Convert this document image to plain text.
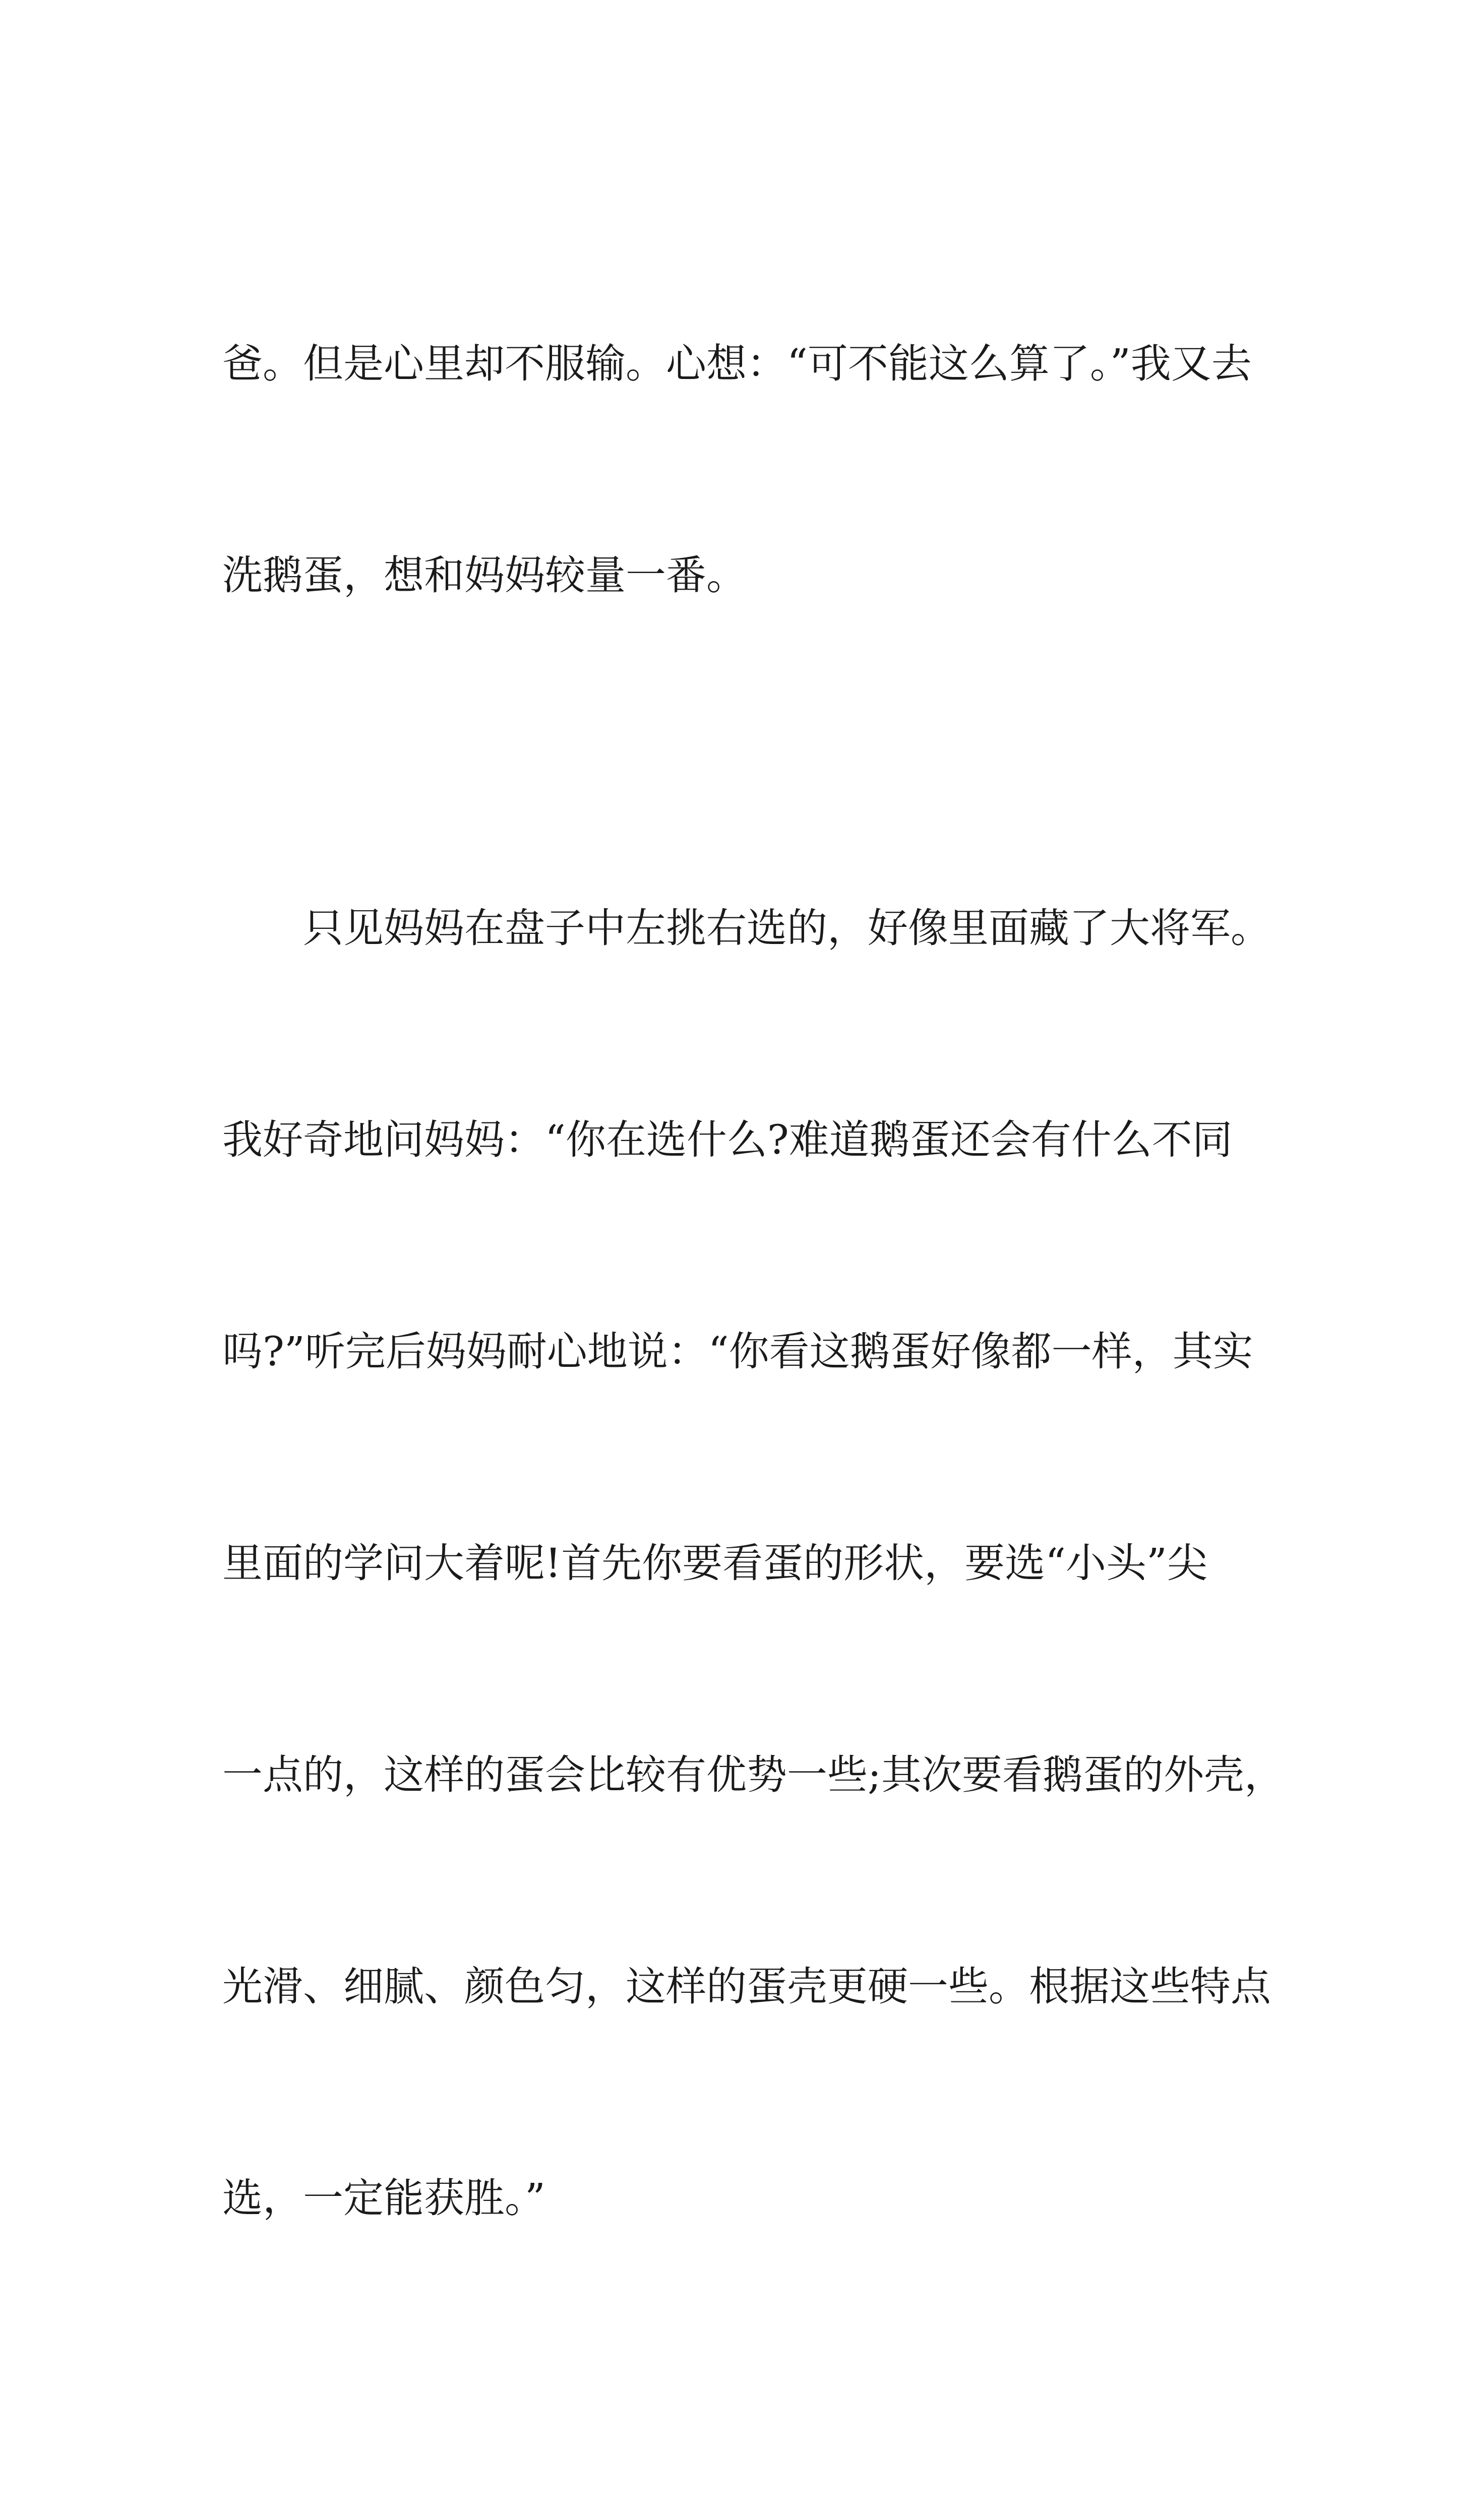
爸。但是心里却不服输。心想：“可不能这么算了。”我又去

洗鹅蛋，想和妈妈较量一番。

只见妈妈在盘子中左挑右选的，好像里面藏了大将军。

我好奇地问妈妈：“你在选什么?难道鹅蛋还会有什么不同

吗?”听完后妈妈耐心地说：“你看这鹅蛋好像都一样，其实

里面的学问大着呢!首先你要看蛋的形状，要选“小头”尖

一点的，这样的蛋会比较有优势一些;其次要看鹅蛋的外壳，

光滑、细腻、颜色匀，这样的蛋壳更硬一些。根据这些特点

选，一定能获胜。”
